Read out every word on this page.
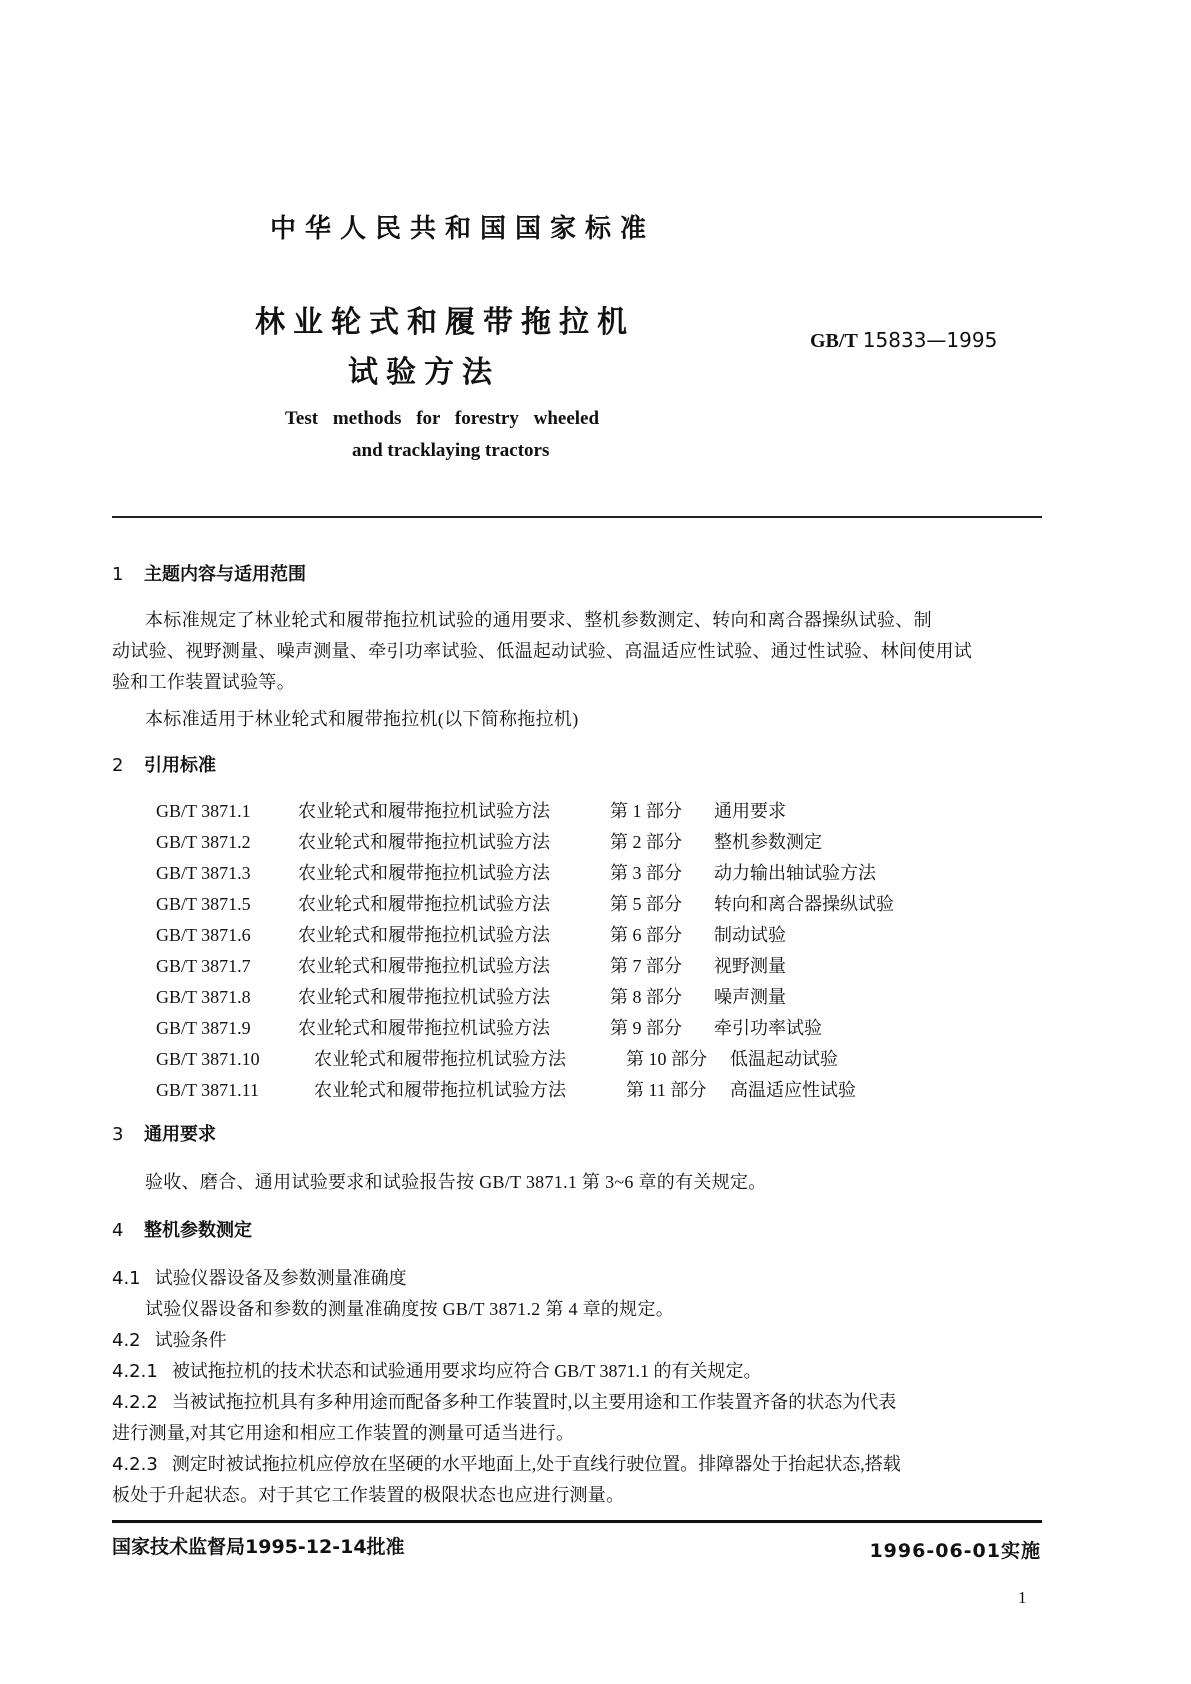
中华人民共和国国家标准
林业轮式和履带拖拉机
试验方法
GB/T 15833—1995
Test methods for forestry wheeled
and tracklaying tractors
1 主题内容与适用范围
本标准规定了林业轮式和履带拖拉机试验的通用要求、整机参数测定、转向和离合器操纵试验、制
动试验、视野测量、噪声测量、牵引功率试验、低温起动试验、高温适应性试验、通过性试验、林间使用试
验和工作装置试验等。
本标准适用于林业轮式和履带拖拉机(以下简称拖拉机)
2 引用标准
GB/T 3871.1	农业轮式和履带拖拉机试验方法	第 1 部分 通用要求
GB/T 3871.2	农业轮式和履带拖拉机试验方法	第 2 部分 整机参数测定
GB/T 3871.3	农业轮式和履带拖拉机试验方法	第 3 部分 动力输出轴试验方法
GB/T 3871.5	农业轮式和履带拖拉机试验方法	第 5 部分 转向和离合器操纵试验
GB/T 3871.6	农业轮式和履带拖拉机试验方法	第 6 部分 制动试验
GB/T 3871.7	农业轮式和履带拖拉机试验方法	第 7 部分 视野测量
GB/T 3871.8	农业轮式和履带拖拉机试验方法	第 8 部分 噪声测量
GB/T 3871.9	农业轮式和履带拖拉机试验方法	第 9 部分 牵引功率试验
GB/T 3871.10	农业轮式和履带拖拉机试验方法	第 10 部分 低温起动试验
GB/T 3871.11	农业轮式和履带拖拉机试验方法	第 11 部分 高温适应性试验
3 通用要求
验收、磨合、通用试验要求和试验报告按 GB/T 3871.1 第 3~6 章的有关规定。
4 整机参数测定
4.1 试验仪器设备及参数测量准确度
试验仪器设备和参数的测量准确度按 GB/T 3871.2 第 4 章的规定。
4.2 试验条件
4.2.1 被试拖拉机的技术状态和试验通用要求均应符合 GB/T 3871.1 的有关规定。
4.2.2 当被试拖拉机具有多种用途而配备多种工作装置时,以主要用途和工作装置齐备的状态为代表
进行测量,对其它用途和相应工作装置的测量可适当进行。
4.2.3 测定时被试拖拉机应停放在坚硬的水平地面上,处于直线行驶位置。排障器处于抬起状态,搭载
板处于升起状态。对于其它工作装置的极限状态也应进行测量。
国家技术监督局1995-12-14批准	1996-06-01实施
1
